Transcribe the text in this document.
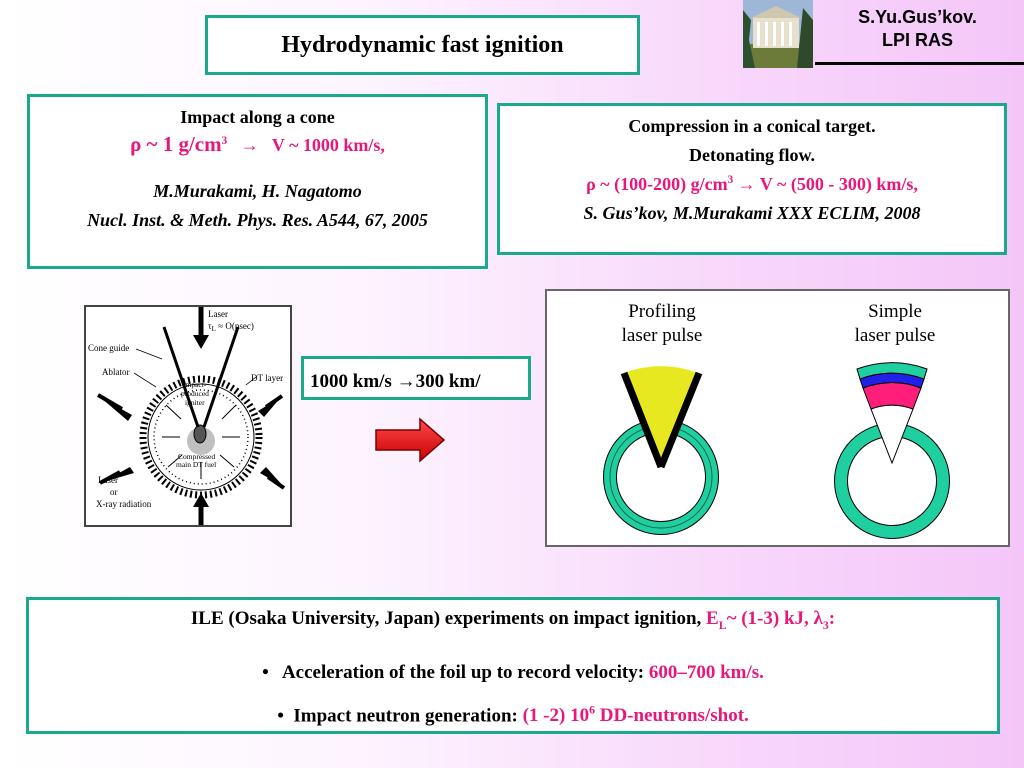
Hydrodynamic fast ignition
S.Yu.Gus’kov.
LPI RAS

Impact along a cone

ρ ~ 1 $g/cm^3 \to V$ ~ 1000 km/s,

M.Murakami, H. Nagatomo

Nucl. Inst. & Meth. Phys. Res. A544, 67, 2005

Compression in a conical target.

Detonating flow.

ρ ~ (100-200) $g/cm^3 \to V$ ~ (500 - 300) km/s,

S. Gus’kov, M.Murakami XXX ECLIM, 2008

Laser
$\tau_L \approx O(nsec)$
Cone guide
Ablator
DT layer
Impact-
produced
igniter
Compressed
main DT fuel
Laser
or
X-ray radiation
1000 km/s →300 km/
Profiling
laser pulse
Simple
laser pulse
ILE (Osaka University, Japan) experiments on impact ignition, $E_L\sim$ (1-3) kJ, $\lambda_3$:
• Acceleration of the foil up to record velocity: 600–700 km/s.
• Impact neutron generation: (1 -2) $10^6$ DD-neutrons/shot.
